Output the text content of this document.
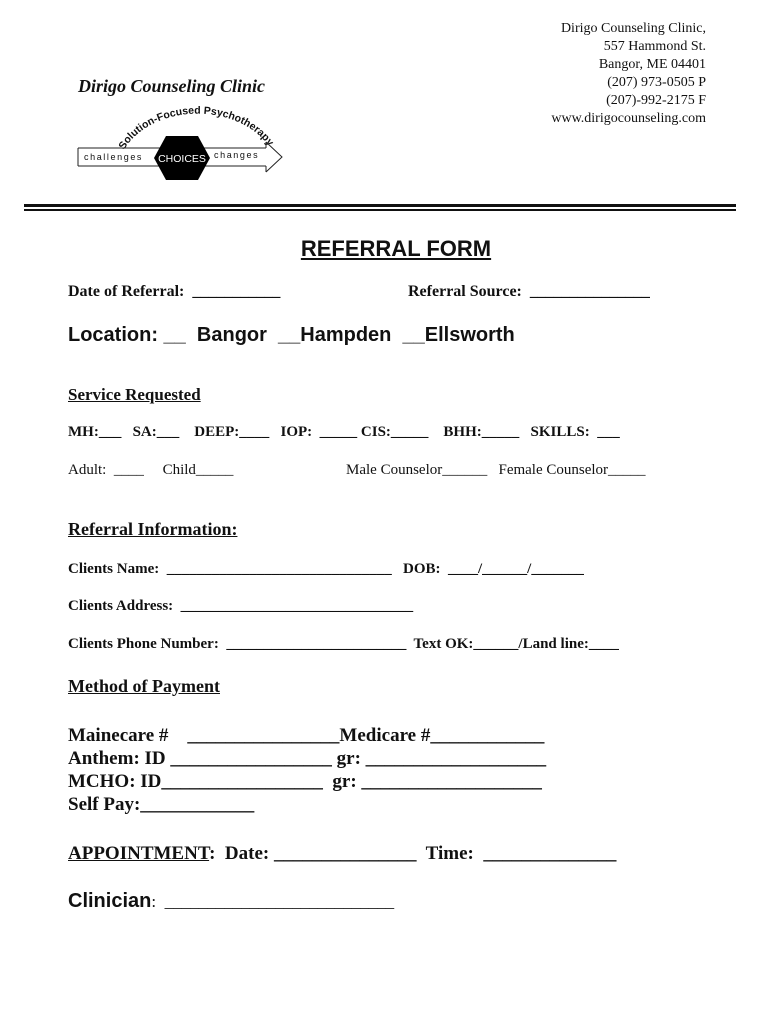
Dirigo Counseling Clinic,
557 Hammond St.
Bangor, ME 04401
(207) 973-0505 P
(207)-992-2175 F
www.dirigocounseling.com
Dirigo Counseling Clinic
Solution-Focused Psychotherapy
challenges	changes
CHOICES
REFERRAL FORM
Date of Referral:  ___________	Referral Source:  _______________
Location: __  Bangor  __Hampden  __Ellsworth
Service Requested
MH:___   SA:___    DEEP:____   IOP:  _____ CIS:_____    BHH:_____   SKILLS:  ___
Adult:  ____     Child_____	Male Counselor______   Female Counselor_____
Referral Information:
Clients Name:  ______________________________   DOB:  ____/______/_______
Clients Address:  _______________________________
Clients Phone Number:  ________________________  Text OK:______/Land line:____
Method of Payment
Mainecare #    ________________Medicare #____________
Anthem: ID _________________ gr: ___________________
MCHO: ID_________________  gr: ___________________
Self Pay:____________
APPOINTMENT:  Date: _______________  Time:  ______________
Clinician:  ___________________________
